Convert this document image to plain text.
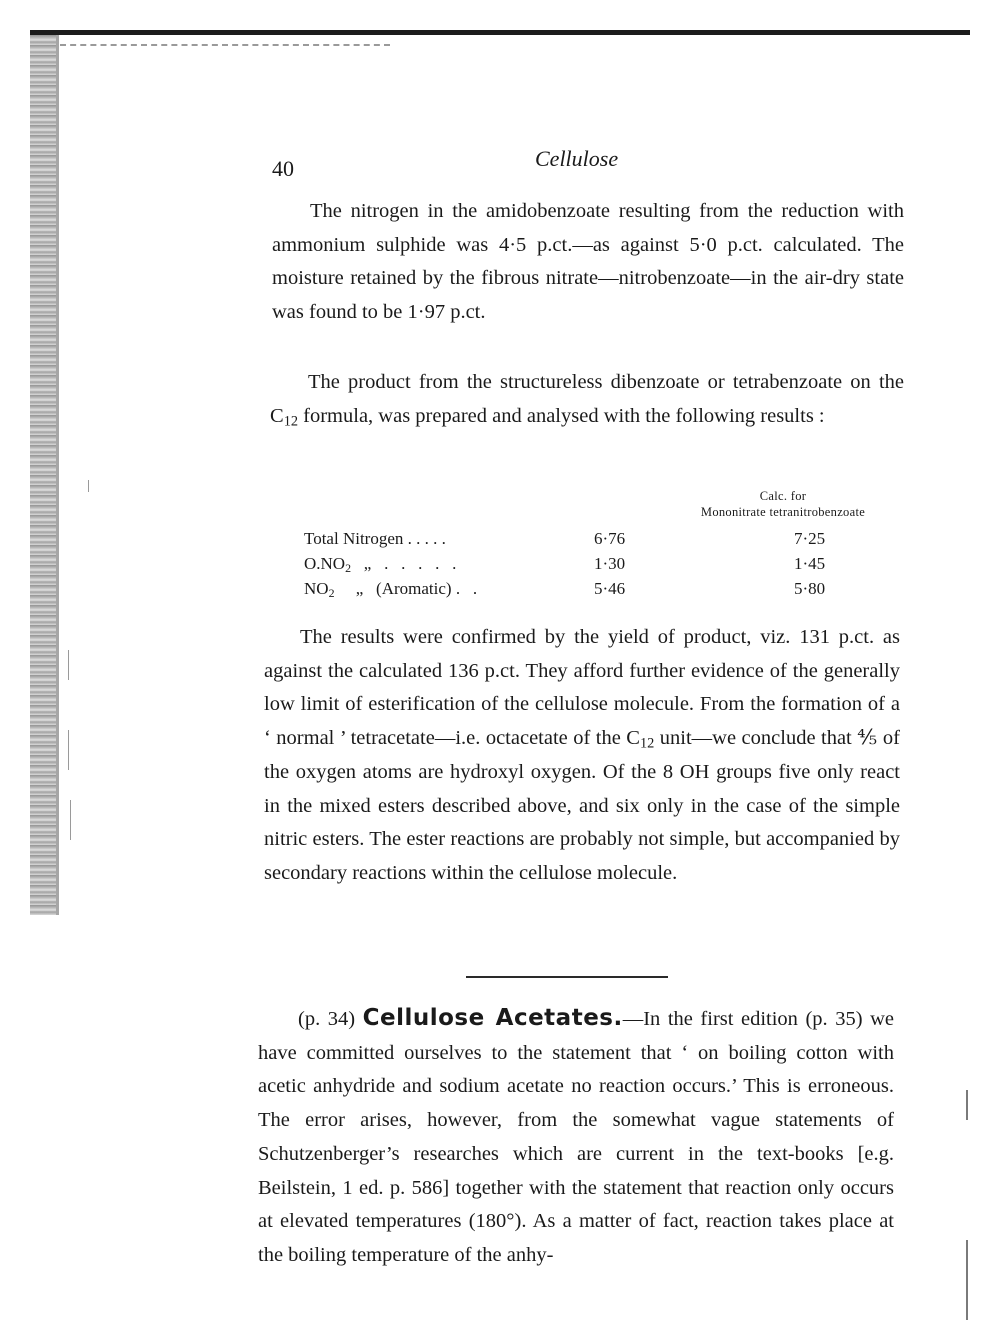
40	Cellulose

The nitrogen in the amidobenzoate resulting from the reduction with ammonium sulphide was 4·5 p.ct.—as against 5·0 p.ct. calculated. The moisture retained by the fibrous nitrate—nitrobenzoate—in the air-dry state was found to be 1·97 p.ct.

The product from the structureless dibenzoate or tetrabenzoate on the $C_{12}$ formula, was prepared and analysed with the following results :

Calc. for
Mononitrate tetranitrobenzoate
Total Nitrogen . . . . .	6·76	7·25
$O.NO_2$   „   .   .   .   .   .	1·30	1·45
$NO_2$     „   (Aromatic) .   .	5·46	5·80

The results were confirmed by the yield of product, viz. 131 p.ct. as against the calculated 136 p.ct. They afford further evidence of the generally low limit of esterification of the cellulose molecule. From the formation of a ‘ normal ’ tetracetate—i.e. octacetate of the $C_{12}$ unit—we conclude that ⅘ of the oxygen atoms are hydroxyl oxygen. Of the 8 OH groups five only react in the mixed esters described above, and six only in the case of the simple nitric esters. The ester reactions are probably not simple, but accompanied by secondary reactions within the cellulose molecule.

(p. 34) Cellulose Acetates.—In the first edition (p. 35) we have committed ourselves to the statement that ‘ on boiling cotton with acetic anhydride and sodium acetate no reaction occurs.’ This is erroneous. The error arises, however, from the somewhat vague statements of Schutzenberger’s researches which are current in the text-books [e.g. Beilstein, 1 ed. p. 586] together with the statement that reaction only occurs at elevated temperatures (180°). As a matter of fact, reaction takes place at the boiling temperature of the anhy-
